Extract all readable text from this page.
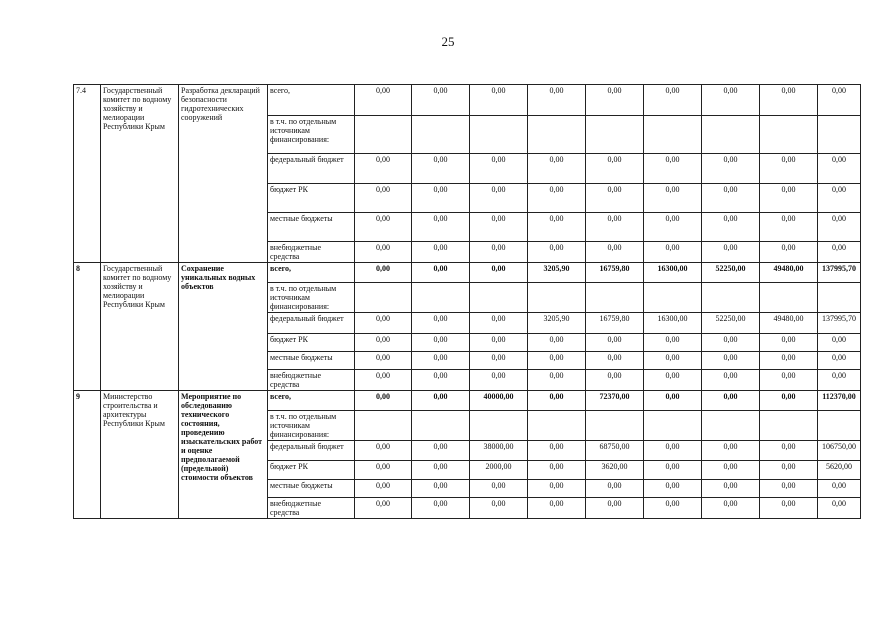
25
7.4	Государственный комитет по водному хозяйству и мелиорации Республики Крым	Разработка деклараций безопасности гидротехнических сооружений	всего,	0,00	0,00	0,00	0,00	0,00	0,00	0,00	0,00	0,00
			в т.ч. по отдельным источникам финансирования:									
			федеральный бюджет	0,00	0,00	0,00	0,00	0,00	0,00	0,00	0,00	0,00
			бюджет РК	0,00	0,00	0,00	0,00	0,00	0,00	0,00	0,00	0,00
			местные бюджеты	0,00	0,00	0,00	0,00	0,00	0,00	0,00	0,00	0,00
			внебюджетные средства	0,00	0,00	0,00	0,00	0,00	0,00	0,00	0,00	0,00
8	Государственный комитет по водному хозяйству и мелиорации Республики Крым	Сохранение уникальных водных объектов	всего,	0,00	0,00	0,00	3205,90	16759,80	16300,00	52250,00	49480,00	137995,70
			в т.ч. по отдельным источникам финансирования:									
			федеральный бюджет	0,00	0,00	0,00	3205,90	16759,80	16300,00	52250,00	49480,00	137995,70
			бюджет РК	0,00	0,00	0,00	0,00	0,00	0,00	0,00	0,00	0,00
			местные бюджеты	0,00	0,00	0,00	0,00	0,00	0,00	0,00	0,00	0,00
			внебюджетные средства	0,00	0,00	0,00	0,00	0,00	0,00	0,00	0,00	0,00
9	Министерство строительства и архитектуры Республики Крым	Мероприятие по обследованию технического состояния, проведению изыскательских работ и оценке предполагаемой (предельной) стоимости объектов	всего,	0,00	0,00	40000,00	0,00	72370,00	0,00	0,00	0,00	112370,00
			в т.ч. по отдельным источникам финансирования:									
			федеральный бюджет	0,00	0,00	38000,00	0,00	68750,00	0,00	0,00	0,00	106750,00
			бюджет РК	0,00	0,00	2000,00	0,00	3620,00	0,00	0,00	0,00	5620,00
			местные бюджеты	0,00	0,00	0,00	0,00	0,00	0,00	0,00	0,00	0,00
			внебюджетные средства	0,00	0,00	0,00	0,00	0,00	0,00	0,00	0,00	0,00
